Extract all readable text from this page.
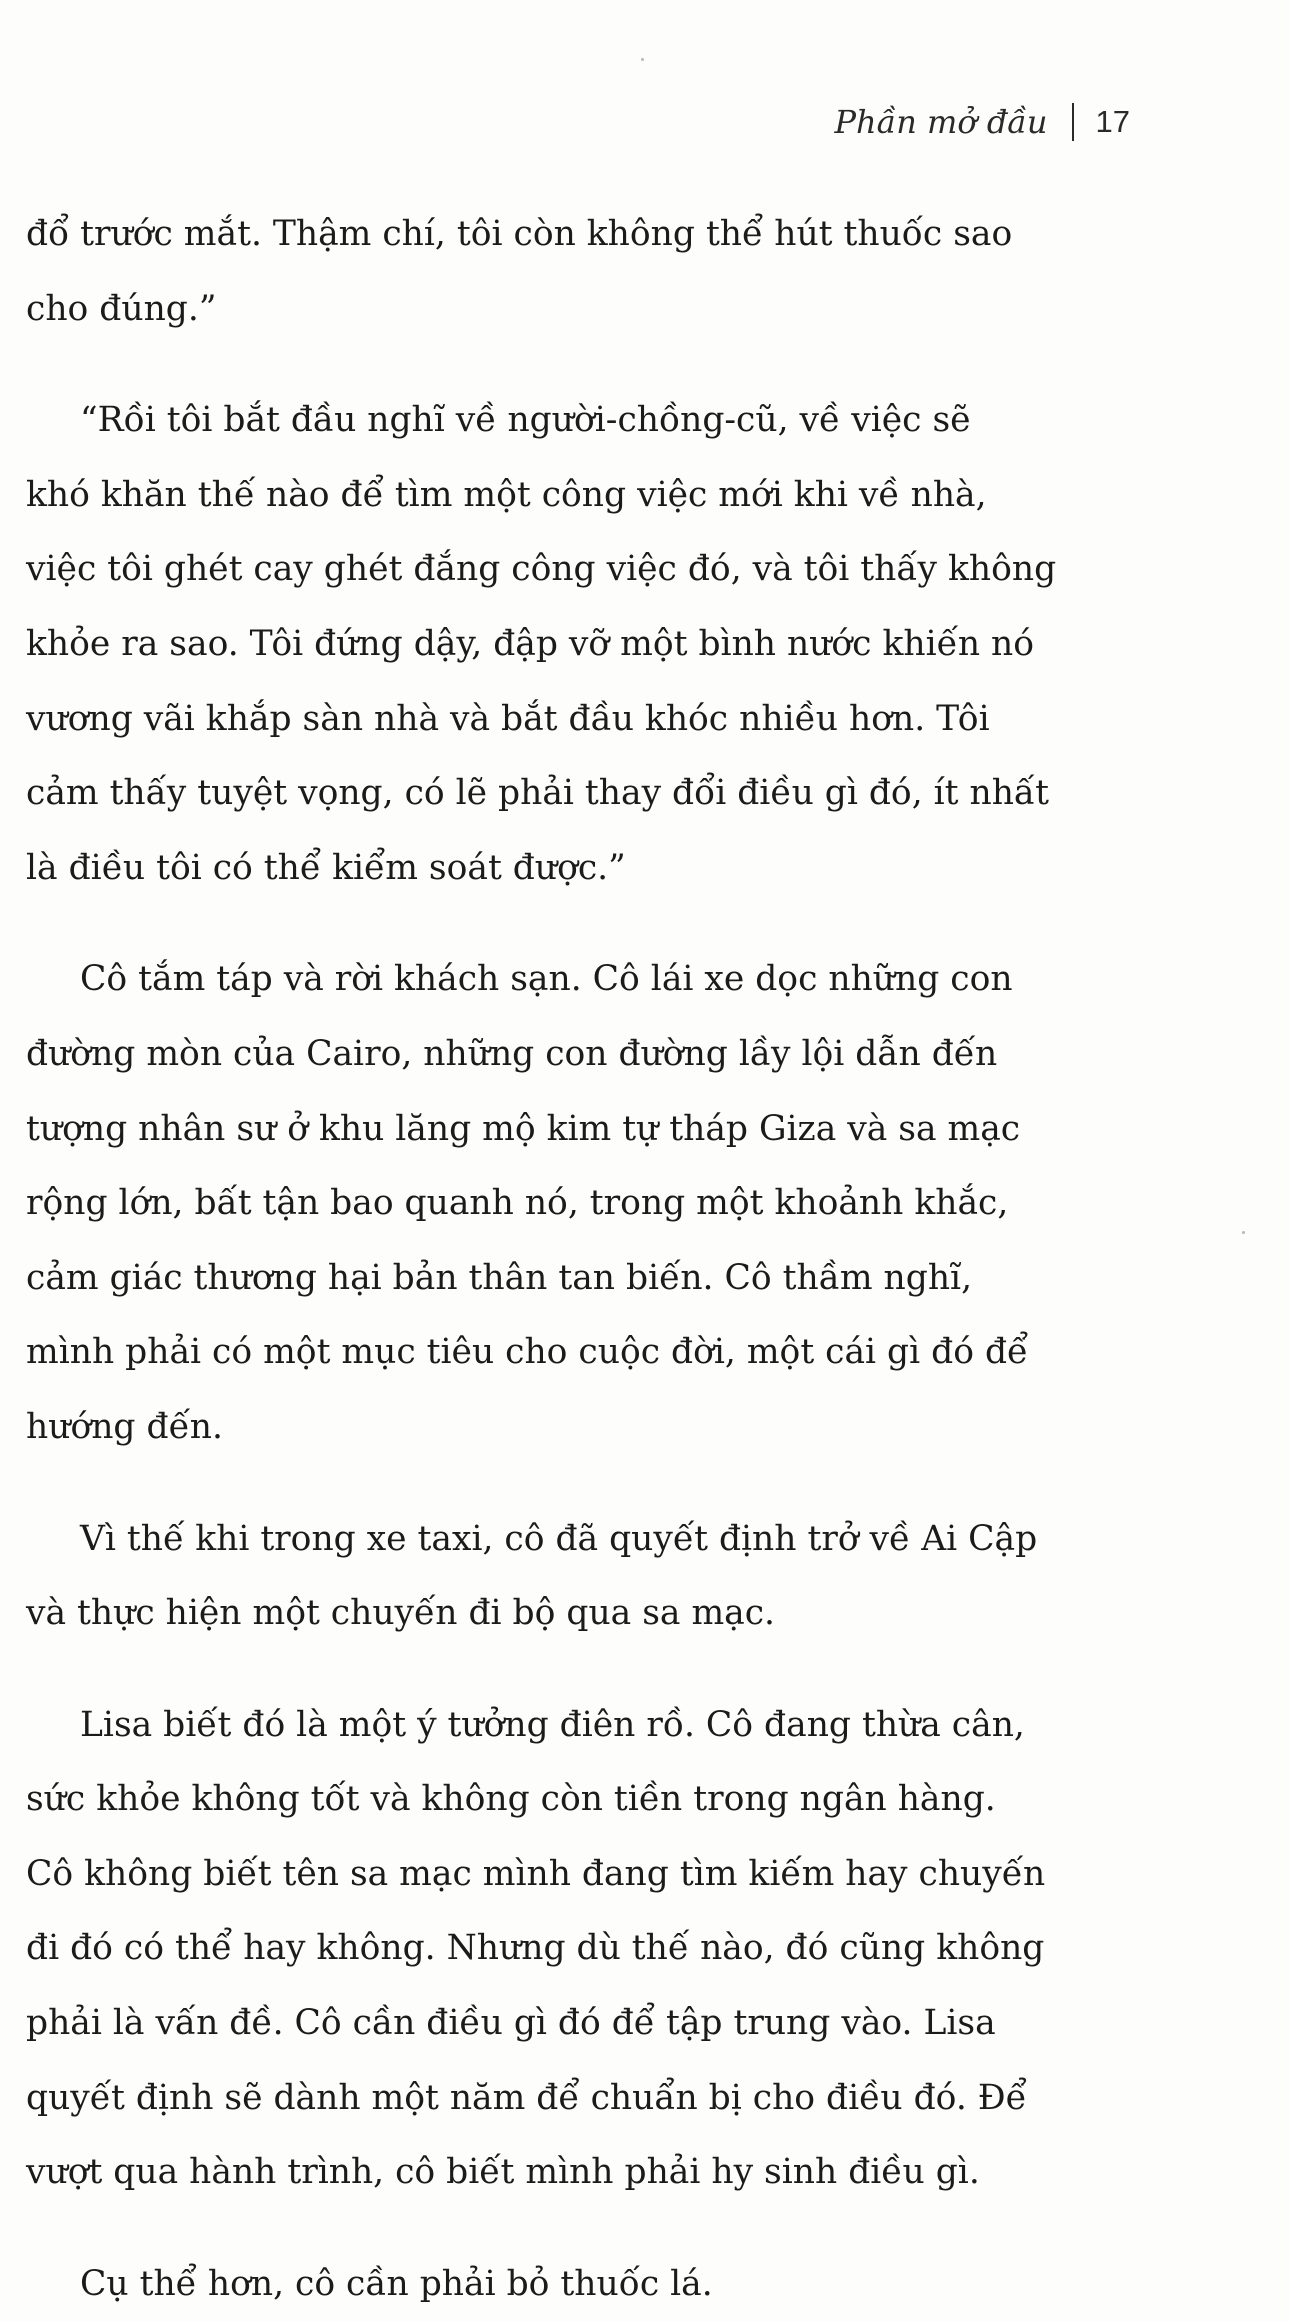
Phần mở đầu 17

đổ trước mắt. Thậm chí, tôi còn không thể hút thuốc sao
cho đúng.”

“Rồi tôi bắt đầu nghĩ về người-chồng-cũ, về việc sẽ
khó khăn thế nào để tìm một công việc mới khi về nhà,
việc tôi ghét cay ghét đắng công việc đó, và tôi thấy không
khỏe ra sao. Tôi đứng dậy, đập vỡ một bình nước khiến nó
vương vãi khắp sàn nhà và bắt đầu khóc nhiều hơn. Tôi
cảm thấy tuyệt vọng, có lẽ phải thay đổi điều gì đó, ít nhất
là điều tôi có thể kiểm soát được.”

Cô tắm táp và rời khách sạn. Cô lái xe dọc những con
đường mòn của Cairo, những con đường lầy lội dẫn đến
tượng nhân sư ở khu lăng mộ kim tự tháp Giza và sa mạc
rộng lớn, bất tận bao quanh nó, trong một khoảnh khắc,
cảm giác thương hại bản thân tan biến. Cô thầm nghĩ,
mình phải có một mục tiêu cho cuộc đời, một cái gì đó để
hướng đến.

Vì thế khi trong xe taxi, cô đã quyết định trở về Ai Cập
và thực hiện một chuyến đi bộ qua sa mạc.

Lisa biết đó là một ý tưởng điên rồ. Cô đang thừa cân,
sức khỏe không tốt và không còn tiền trong ngân hàng.
Cô không biết tên sa mạc mình đang tìm kiếm hay chuyến
đi đó có thể hay không. Nhưng dù thế nào, đó cũng không
phải là vấn đề. Cô cần điều gì đó để tập trung vào. Lisa
quyết định sẽ dành một năm để chuẩn bị cho điều đó. Để
vượt qua hành trình, cô biết mình phải hy sinh điều gì.

Cụ thể hơn, cô cần phải bỏ thuốc lá.
